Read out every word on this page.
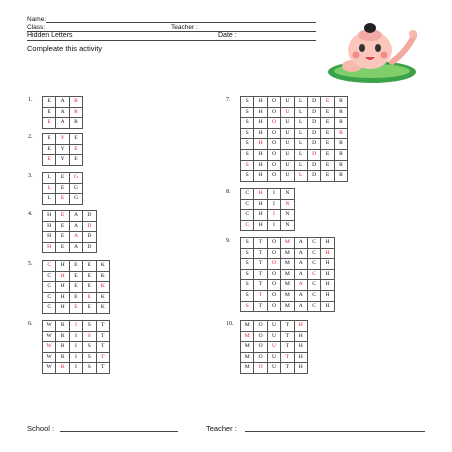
Name:
Class:	Teacher :
Hidden Letters	Date :
Compleate this activity
1.	E	A	R
E	A	R
E	A	R
2.	E	Y	E
E	Y	E
E	Y	E
3.	L	E	G
L	E	G
L	E	G
4.	H	E	A	D
H	E	A	D
H	E	A	D
H	E	A	D
5.	C	H	E	E	K
C	H	E	E	K
C	H	E	E	K
C	H	E	E	K
C	H	E	E	K
6.	W	R	I	S	T
W	R	I	S	T
W	R	I	S	T
W	R	I	S	T
W	R	I	S	T
7.	S	H	O	U	L	D	E	R
S	H	O	U	L	D	E	R
S	H	O	U	L	D	E	R
S	H	O	U	L	D	E	R
S	H	O	U	L	D	E	R
S	H	O	U	L	D	E	R
S	H	O	U	L	D	E	R
S	H	O	U	L	D	E	R
8.	C	H	I	N
C	H	I	N
C	H	I	N
C	H	I	N
9.	S	T	O	M	A	C	H
S	T	O	M	A	C	H
S	T	O	M	A	C	H
S	T	O	M	A	C	H
S	T	O	M	A	C	H
S	T	O	M	A	C	H
S	T	O	M	A	C	H
10. M	O	U	T	H
M	O	U	T	H
M	O	U	T	H
M	O	U	T	H
M	O	U	T	H
School :	Teacher :
